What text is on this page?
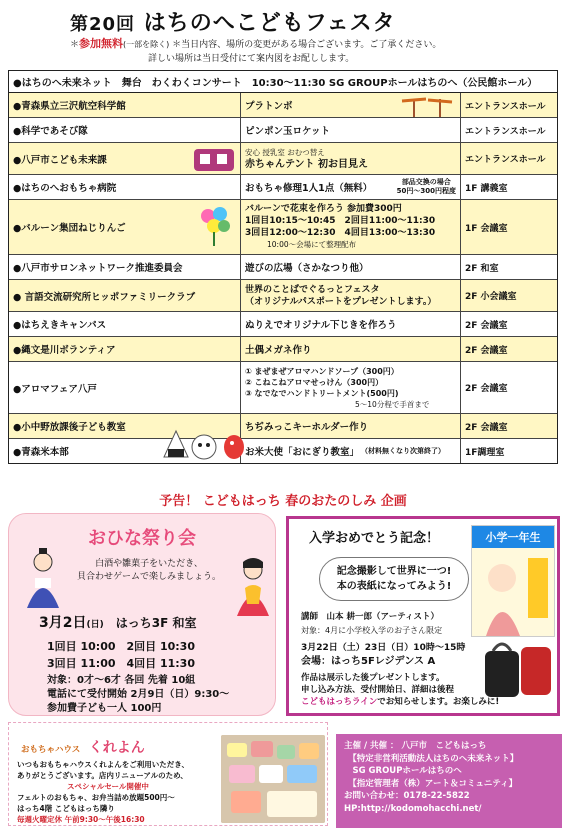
第20回 はちのへこどもフェスタ
＊参加無料(一部を除く) ＊当日内容、場所の変更がある場合ございます。ご了承ください。
詳しい場所は当日受付にて案内図をお配しします。
●はちのへ未来ネット　舞台　わくわくコンサート　10:30～11:30 SG GROUPホールはちのへ（公民館ホール）
●青森県立三沢航空科学館	プラトンボ	エントランスホール
●科学であそび隊	ピンポン玉ロケット	エントランスホール
●八戸市こども未来課
安心 授乳室 おむつ替え
赤ちゃんテント 初お目見え	エントランスホール
●はちのへおもちゃ病院	おもちゃ修理1人1点（無料）
部品交換の場合
50円～300円程度	1F 講義室
●バルーン集団ねじりんご
バルーンで花束を作ろう 参加費300円
1回目10:15～10:45　2回目11:00～11:30
3回目12:00～12:30　4回目13:00～13:30
10:00～会場にて整理配布
1F 会議室
●八戸市サロンネットワーク推進委員会	遊びの広場（さかなつり他）	2F 和室
● 言語交流研究所ヒッポファミリークラブ
世界のことばでぐるっとフェスタ
（オリジナルパスポートをプレゼントします。）	2F 小会議室
●はちえきキャンパス	ぬりえでオリジナル下じきを作ろう	2F 会議室
●縄文是川ボランティア	土偶メガネ作り	2F 会議室
●アロマフェア八戸
① まぜまぜアロマハンドソープ（300円）
② こねこねアロマせっけん（300円）
③ なでなでハンドトリートメント(500円)
5～10分程で手首まで
2F 会議室
●小中野放課後子ども教室	ちぢみっこキーホルダー作り	2F 会議室
●青森米本部	お米大使「おにぎり教室」 （材料無くなり次第終了）	1F調理室
予告！ こどもはっち 春のおたのしみ 企画
おひな祭り会
白酒や雛菓子をいただき、
貝合わせゲームで楽しみましょう。
3月2日(日)　 はっち3F 和室
1回目 10:00　2回目 10:30
3回目 11:00　4回目 11:30
対象：0才～6才 各回 先着 10組
電話にて受付開始 2月9日（日）9:30～
参加費子ども一人 100円
入学おめでとう記念！
記念撮影して世界に一つ!
本の表紙になってみよう!
講師　山本 耕一郎（アーティスト）
対象：4月に小学校入学のお子さん限定
3月22日（土）23日（日）10時～15時
会場：はっち5Fレジデンス A
作品は展示した後プレゼントします。
申し込み方法、受付開始日、詳細は後程
こどもはっちラインでお知らせします。お楽しみに!
小学一年生
おもちゃハウス　 くれよん
いつもおもちゃハウスくれよんをご利用いただき、
ありがとうございます。店内リニューアルのため、
スペシャルセール開催中
フェルトのおもちゃ、お弁当詰め放題500円～
はっち4階 こどもはっち隣り
毎週火曜定休 午前9:30～午後16:30
主催 / 共催 ： 八戸市　こどもはっち
　【特定非営利活動法人はちのへ未来ネット】
　SG GROUPホールはちのへ
　【指定管理者（株）アート＆コミュニティ】
お問い合わせ：0178-22-5822
HP:http://kodomohacchi.net/
